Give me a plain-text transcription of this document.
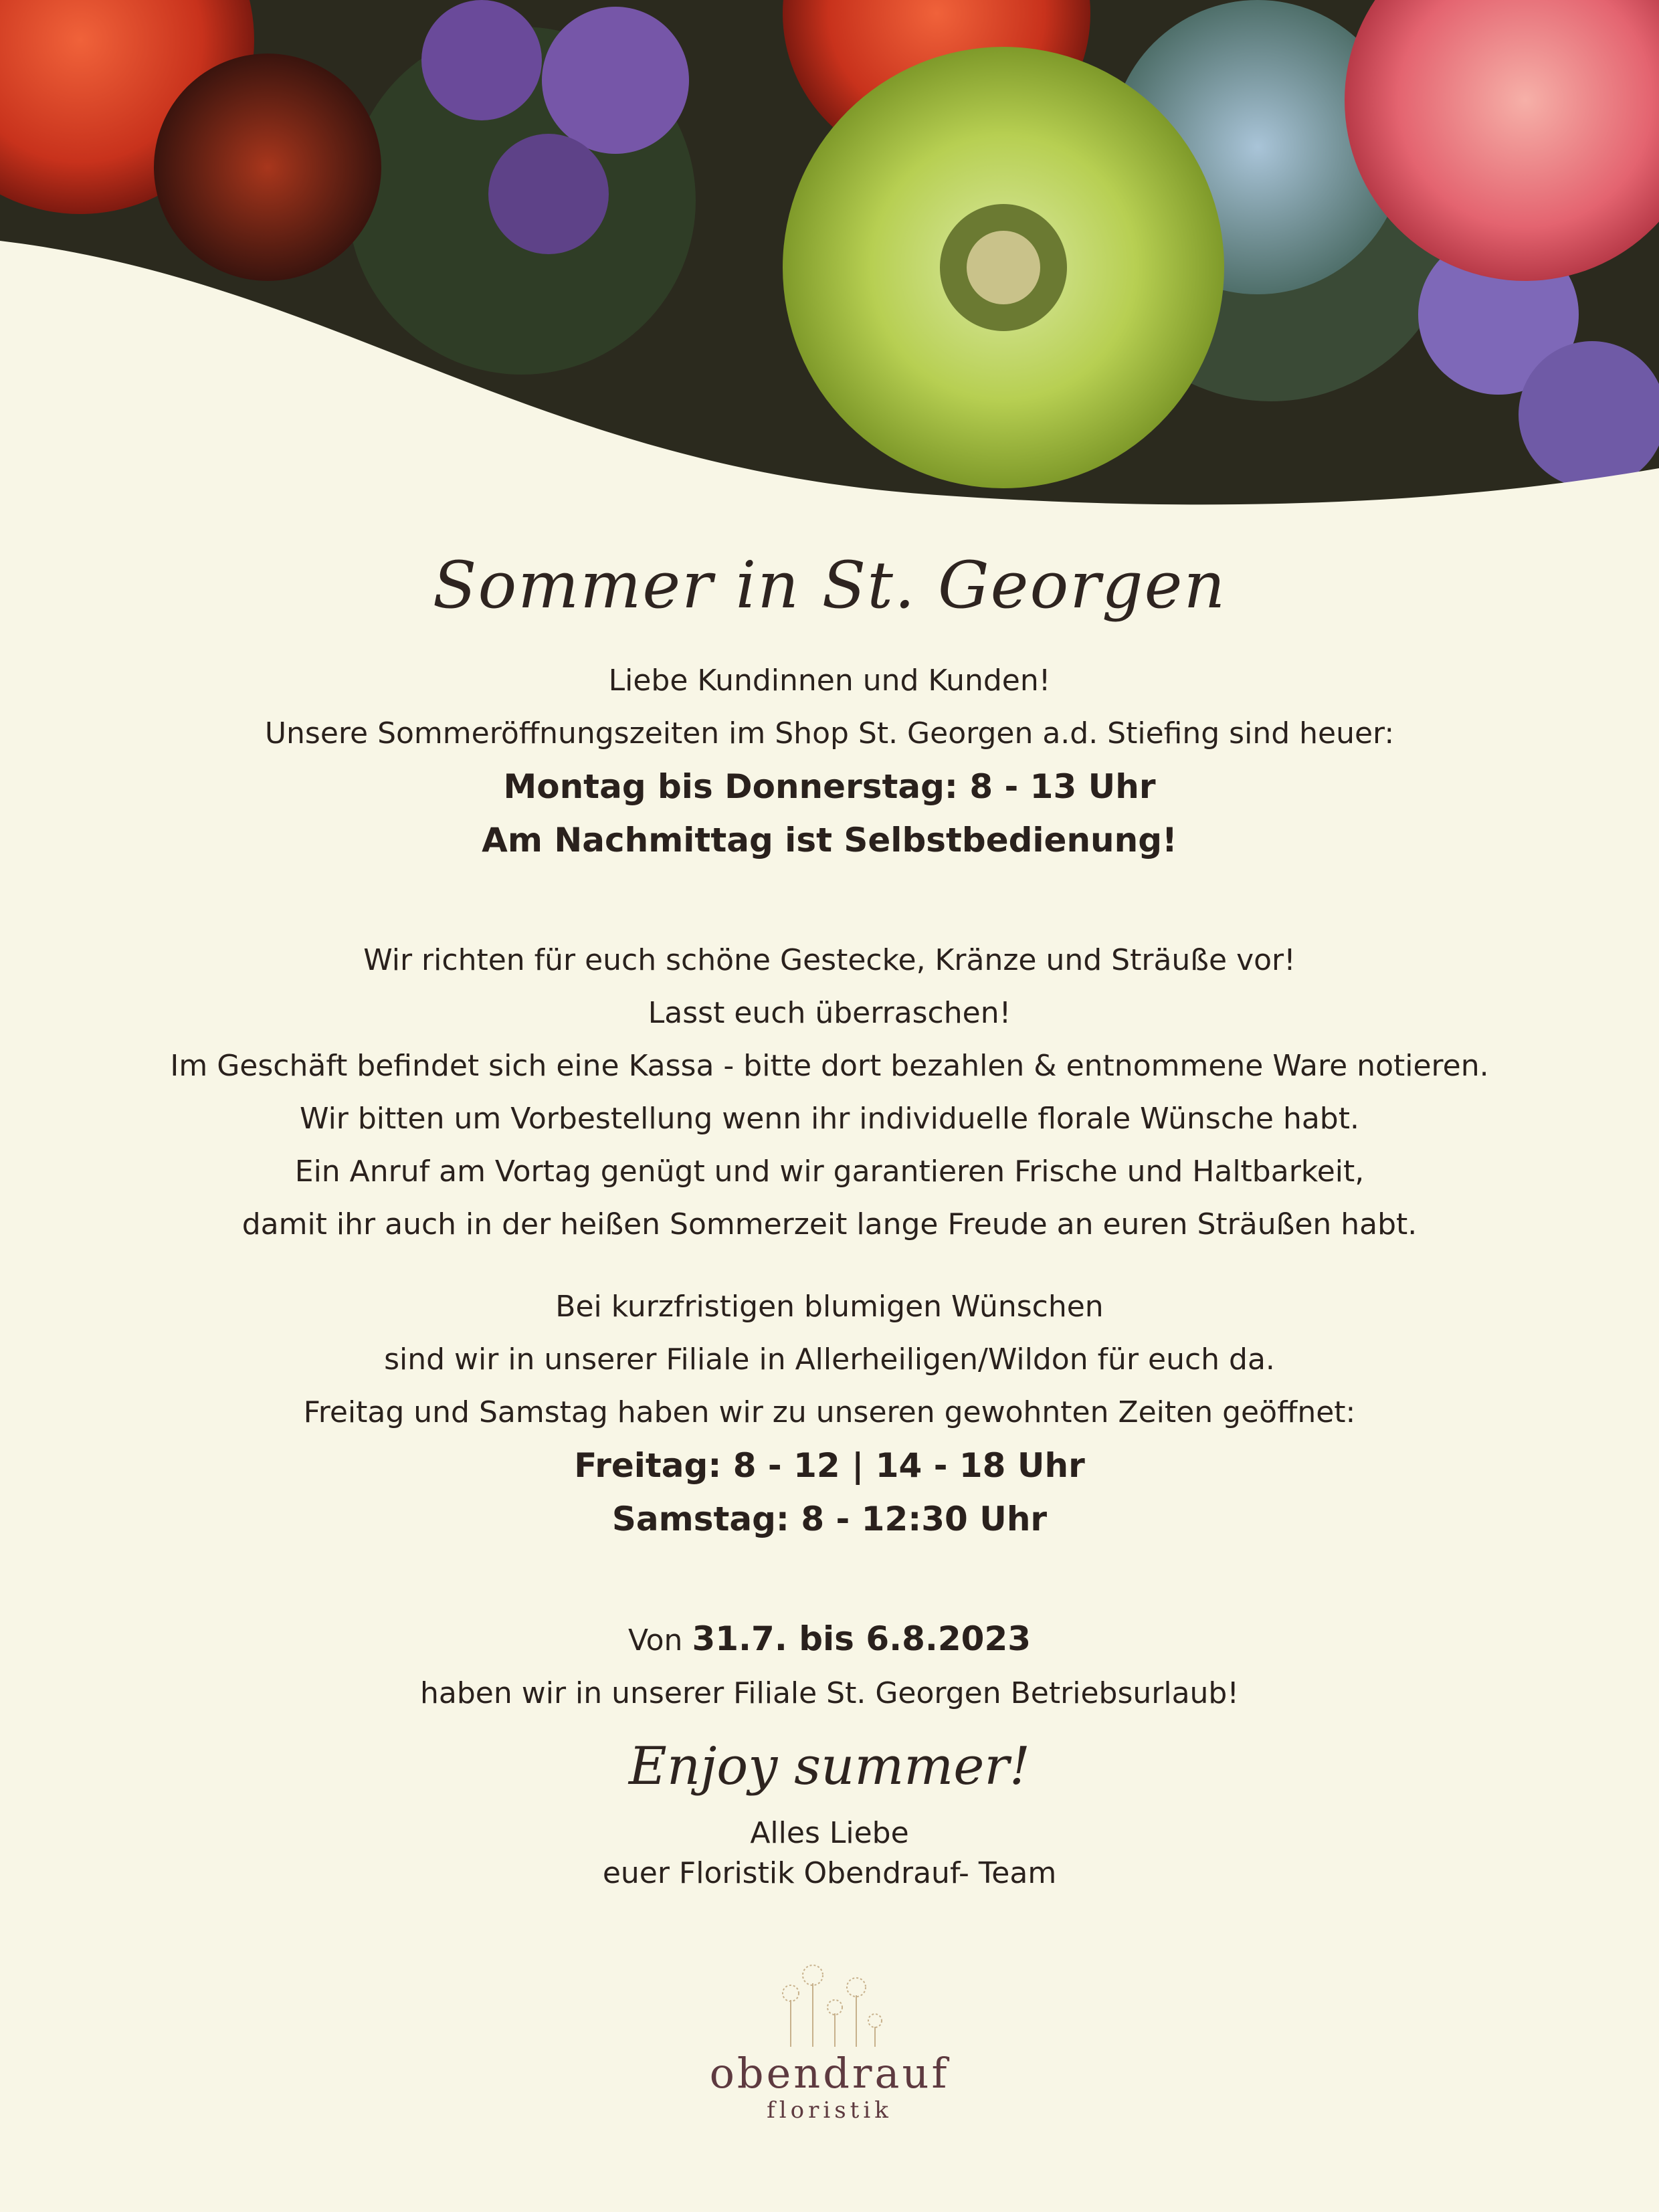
Sommer in St. Georgen

Liebe Kundinnen und Kunden!

Unsere Sommeröffnungszeiten im Shop St. Georgen a.d. Stiefing sind heuer:

Montag bis Donnerstag: 8 - 13 Uhr

Am Nachmittag ist Selbstbedienung!

Wir richten für euch schöne Gestecke, Kränze und Sträuße vor!

Lasst euch überraschen!

Im Geschäft befindet sich eine Kassa - bitte dort bezahlen & entnommene Ware notieren.

Wir bitten um Vorbestellung wenn ihr individuelle florale Wünsche habt.

Ein Anruf am Vortag genügt und wir garantieren Frische und Haltbarkeit,

damit ihr auch in der heißen Sommerzeit lange Freude an euren Sträußen habt.

Bei kurzfristigen blumigen Wünschen

sind wir in unserer Filiale in Allerheiligen/Wildon für euch da.

Freitag und Samstag haben wir zu unseren gewohnten Zeiten geöffnet:

Freitag: 8 - 12 | 14 - 18 Uhr

Samstag: 8 - 12:30 Uhr

Von 31.7. bis 6.8.2023

haben wir in unserer Filiale St. Georgen Betriebsurlaub!

Enjoy summer!

Alles Liebe

euer Floristik Obendrauf- Team

obendrauf

floristik
